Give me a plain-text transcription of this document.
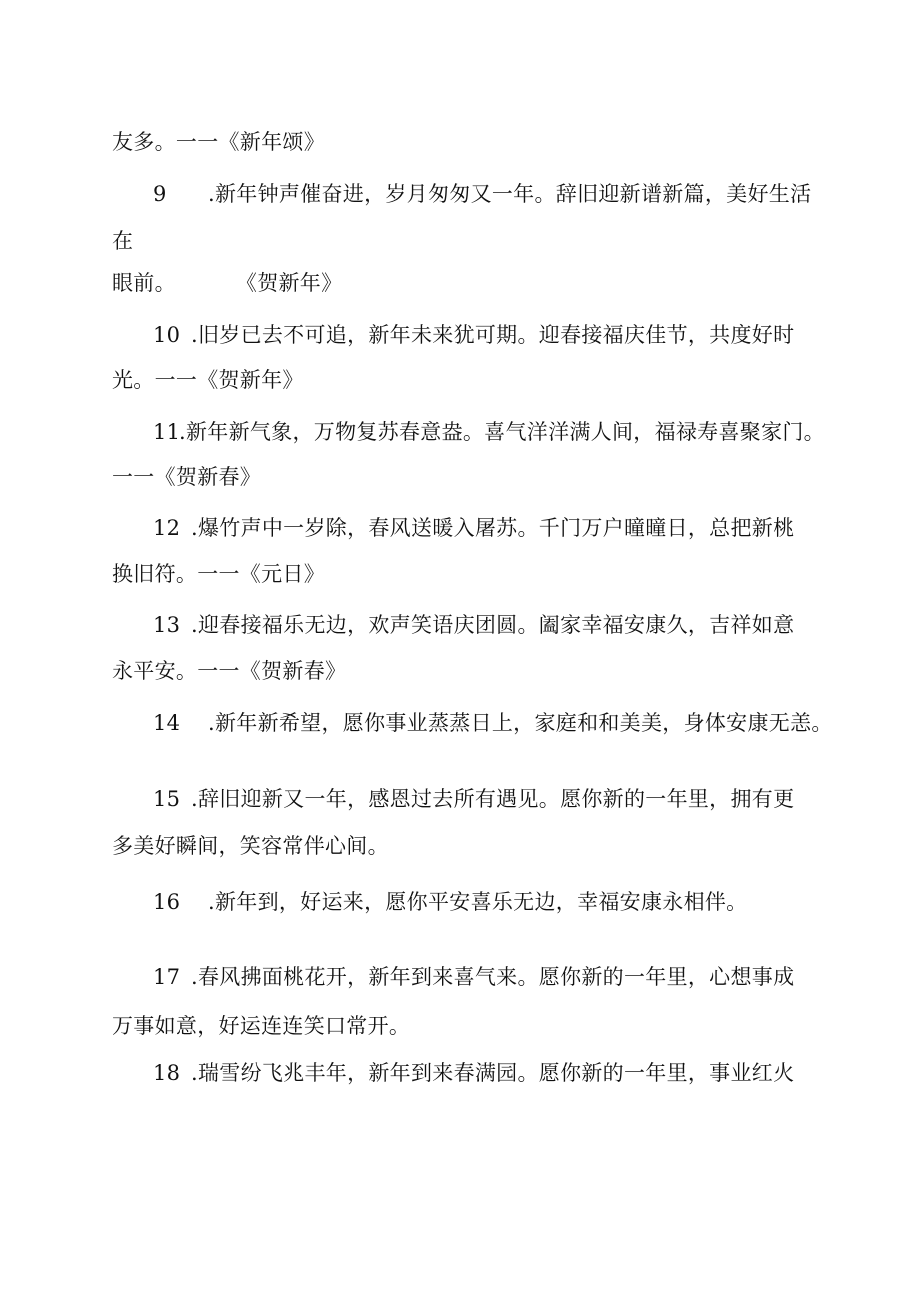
友多。一一《新年颂》
9 .新年钟声催奋进，岁月匆匆又一年。辞旧迎新谱新篇，美好生活
在
眼前。	《贺新年》
10 .旧岁已去不可追，新年未来犹可期。迎春接福庆佳节，共度好时
光。一一《贺新年》
11.新年新气象，万物复苏春意盎。喜气洋洋满人间，福禄寿喜聚家门。
一一《贺新春》
12 .爆竹声中一岁除，春风送暖入屠苏。千门万户曈曈日，总把新桃
换旧符。一一《元日》
13 .迎春接福乐无边，欢声笑语庆团圆。阖家幸福安康久，吉祥如意
永平安。一一《贺新春》
14 .新年新希望，愿你事业蒸蒸日上，家庭和和美美，身体安康无恙。
15 .辞旧迎新又一年，感恩过去所有遇见。愿你新的一年里，拥有更
多美好瞬间，笑容常伴心间。
16 .新年到，好运来，愿你平安喜乐无边，幸福安康永相伴。
17 .春风拂面桃花开，新年到来喜气来。愿你新的一年里，心想事成
万事如意，好运连连笑口常开。
18 .瑞雪纷飞兆丰年，新年到来春满园。愿你新的一年里，事业红火
